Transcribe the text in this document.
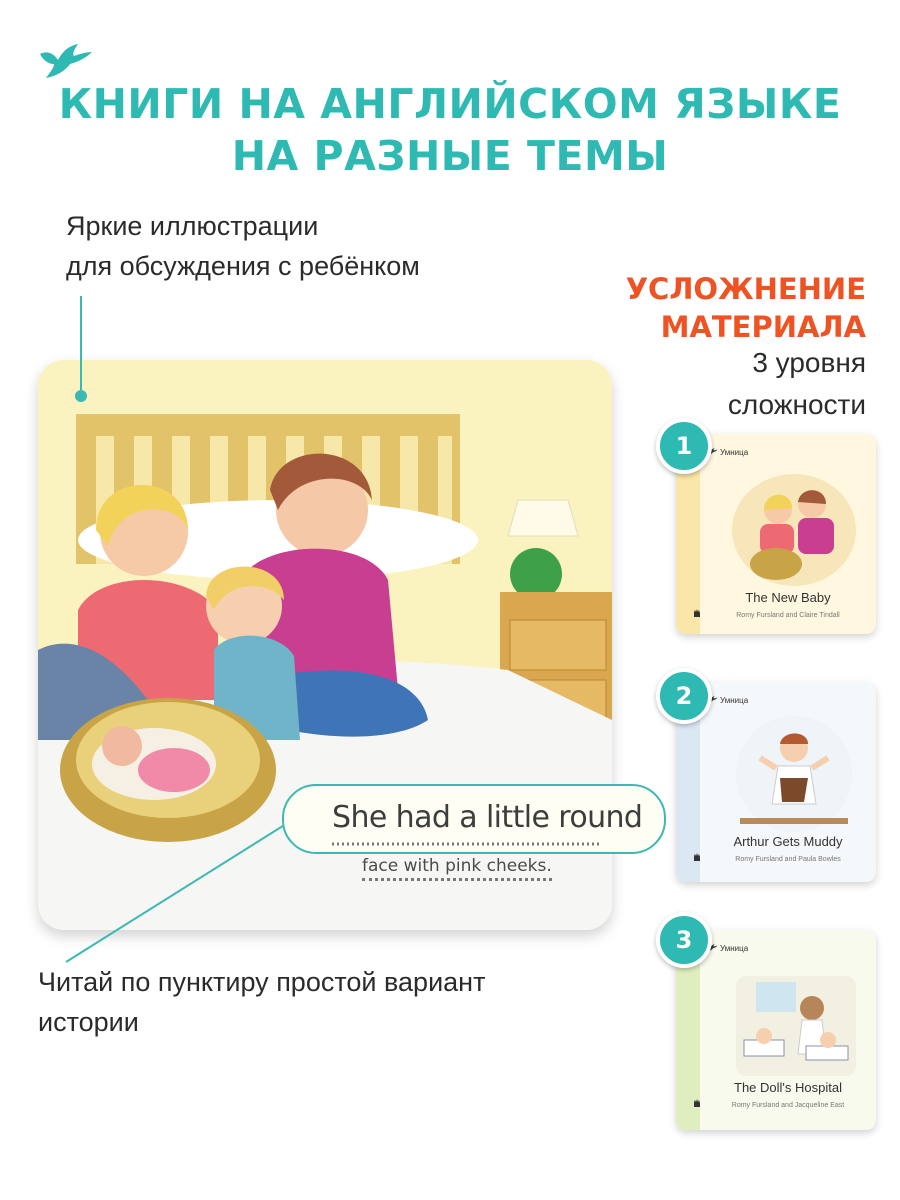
КНИГИ НА АНГЛИЙСКОМ ЯЗЫКЕ
НА РАЗНЫЕ ТЕМЫ
Яркие иллюстрации
для обсуждения с ребёнком
УСЛОЖНЕНИЕ
МАТЕРИАЛА
3 уровня
сложности
She had a little round
face with pink cheeks.
Читай по пунктиру простой вариант
истории
Умница
The New Baby
Romy Fursland and Claire Tindall
1
Умница
Arthur Gets Muddy
Romy Fursland and Paula Bowles
2
Умница
The Doll's Hospital
Romy Fursland and Jacqueline East
3
